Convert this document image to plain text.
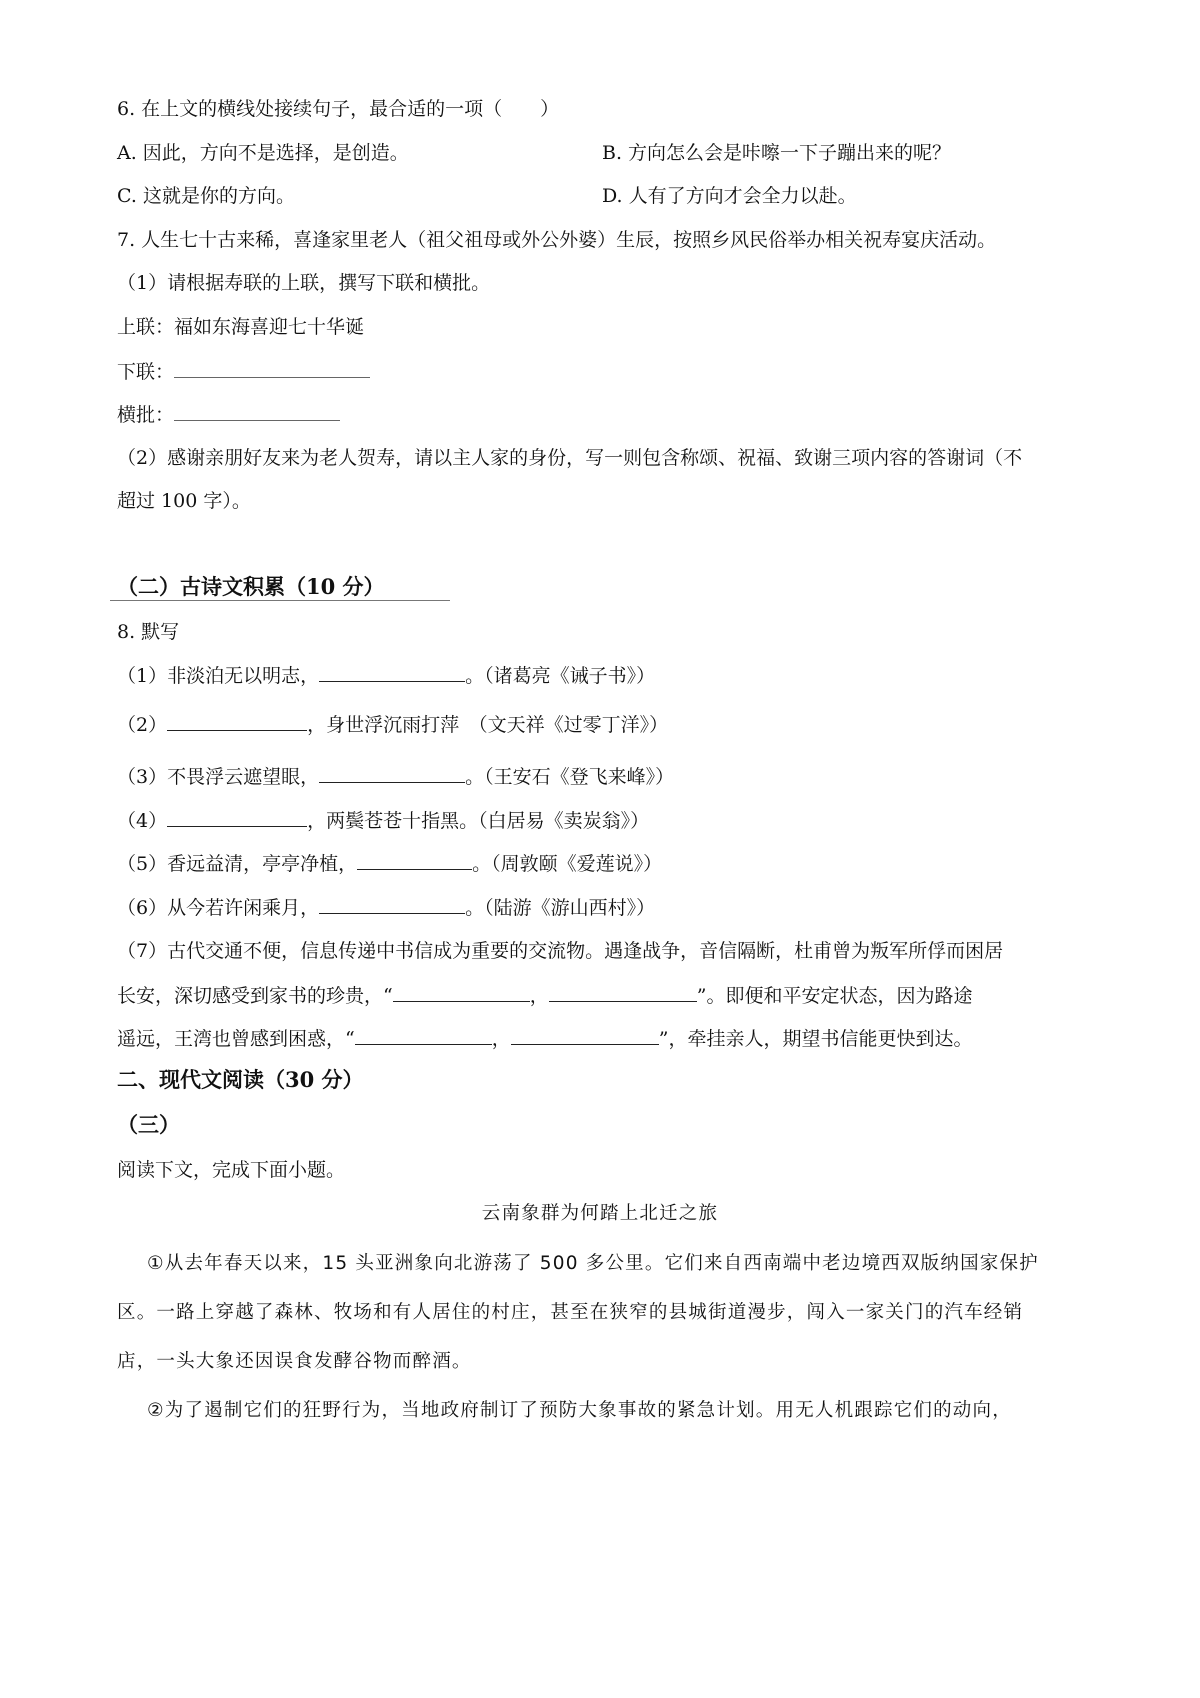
6. 在上文的横线处接续句子，最合适的一项（　　）
A. 因此，方向不是选择，是创造。	B. 方向怎么会是咔嚓一下子蹦出来的呢？
C. 这就是你的方向。	D. 人有了方向才会全力以赴。
7. 人生七十古来稀，喜逢家里老人（祖父祖母或外公外婆）生辰，按照乡风民俗举办相关祝寿宴庆活动。
（1）请根据寿联的上联，撰写下联和横批。
上联：福如东海喜迎七十华诞
下联：
横批：
（2）感谢亲朋好友来为老人贺寿，请以主人家的身份，写一则包含称颂、祝福、致谢三项内容的答谢词（不
超过 100 字）。
（二）古诗文积累（10 分）
8. 默写
（1）非淡泊无以明志，	。（诸葛亮《诫子书》）
（2）	，身世浮沉雨打萍　（文天祥《过零丁洋》）
（3）不畏浮云遮望眼，	。（王安石《登飞来峰》）
（4）	，两鬓苍苍十指黑。（白居易《卖炭翁》）
（5）香远益清，亭亭净植，	。（周敦颐《爱莲说》）
（6）从今若许闲乘月，	。（陆游《游山西村》）
（7）古代交通不便，信息传递中书信成为重要的交流物。遇逢战争，音信隔断，杜甫曾为叛军所俘而困居
长安，深切感受到家书的珍贵，“	，	”。即便和平安定状态，因为路途
遥远，王湾也曾感到困惑，“	，	”，牵挂亲人，期望书信能更快到达。
二、现代文阅读（30 分）
（三）
阅读下文，完成下面小题。
云南象群为何踏上北迁之旅
①从去年春天以来，15 头亚洲象向北游荡了 500 多公里。它们来自西南端中老边境西双版纳国家保护
区。一路上穿越了森林、牧场和有人居住的村庄，甚至在狭窄的县城街道漫步，闯入一家关门的汽车经销
店，一头大象还因误食发酵谷物而醉酒。
②为了遏制它们的狂野行为，当地政府制订了预防大象事故的紧急计划。用无人机跟踪它们的动向，
